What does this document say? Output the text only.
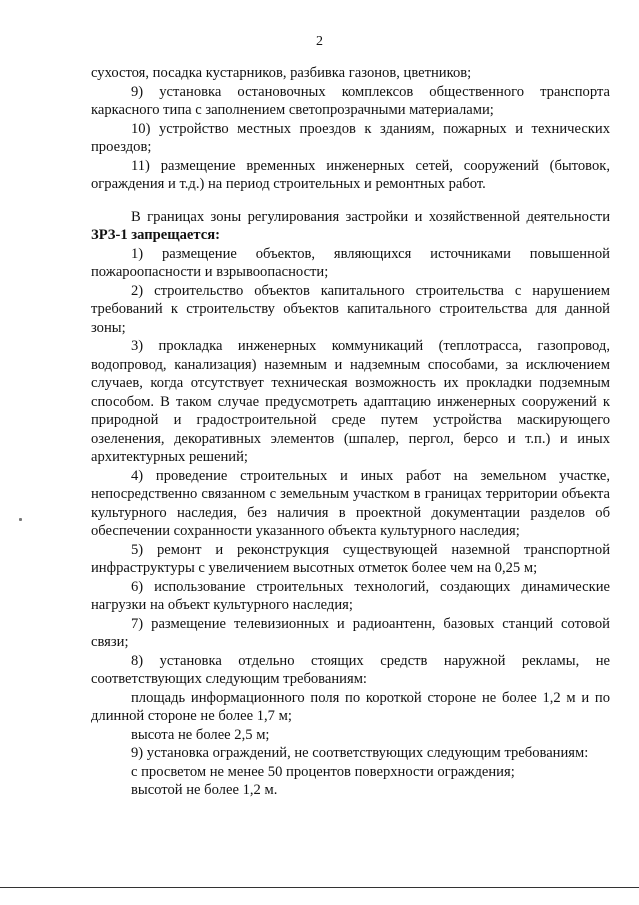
2

сухостоя, посадка кустарников, разбивка газонов, цветников;

9) установка остановочных комплексов общественного транспорта каркасного типа с заполнением светопрозрачными материалами;

10) устройство местных проездов к зданиям, пожарных и технических проездов;

11) размещение временных инженерных сетей, сооружений (бытовок, ограждения и т.д.) на период строительных и ремонтных работ.

В границах зоны регулирования застройки и хозяйственной деятельности ЗРЗ-1 запрещается:

1) размещение объектов, являющихся источниками повышенной пожароопасности и взрывоопасности;

2) строительство объектов капитального строительства с нарушением требований к строительству объектов капитального строительства для данной зоны;

3) прокладка инженерных коммуникаций (теплотрасса, газопровод, водопровод, канализация) наземным и надземным способами, за исключением случаев, когда отсутствует техническая возможность их прокладки подземным способом. В таком случае предусмотреть адаптацию инженерных сооружений к природной и градостроительной среде путем устройства маскирующего озеленения, декоративных элементов (шпалер, пергол, берсо и т.п.) и иных архитектурных решений;

4) проведение строительных и иных работ на земельном участке, непосредственно связанном с земельным участком в границах территории объекта культурного наследия, без наличия в проектной документации разделов об обеспечении сохранности указанного объекта культурного наследия;

5) ремонт и реконструкция существующей наземной транспортной инфраструктуры с увеличением высотных отметок более чем на 0,25 м;

6) использование строительных технологий, создающих динамические нагрузки на объект культурного наследия;

7) размещение телевизионных и радиоантенн, базовых станций сотовой связи;

8) установка отдельно стоящих средств наружной рекламы, не соответствующих следующим требованиям:

площадь информационного поля по короткой стороне не более 1,2 м и по длинной стороне не более 1,7 м;

высота не более 2,5 м;

9) установка ограждений, не соответствующих следующим требованиям:

с просветом не менее 50 процентов поверхности ограждения;

высотой не более 1,2 м.
